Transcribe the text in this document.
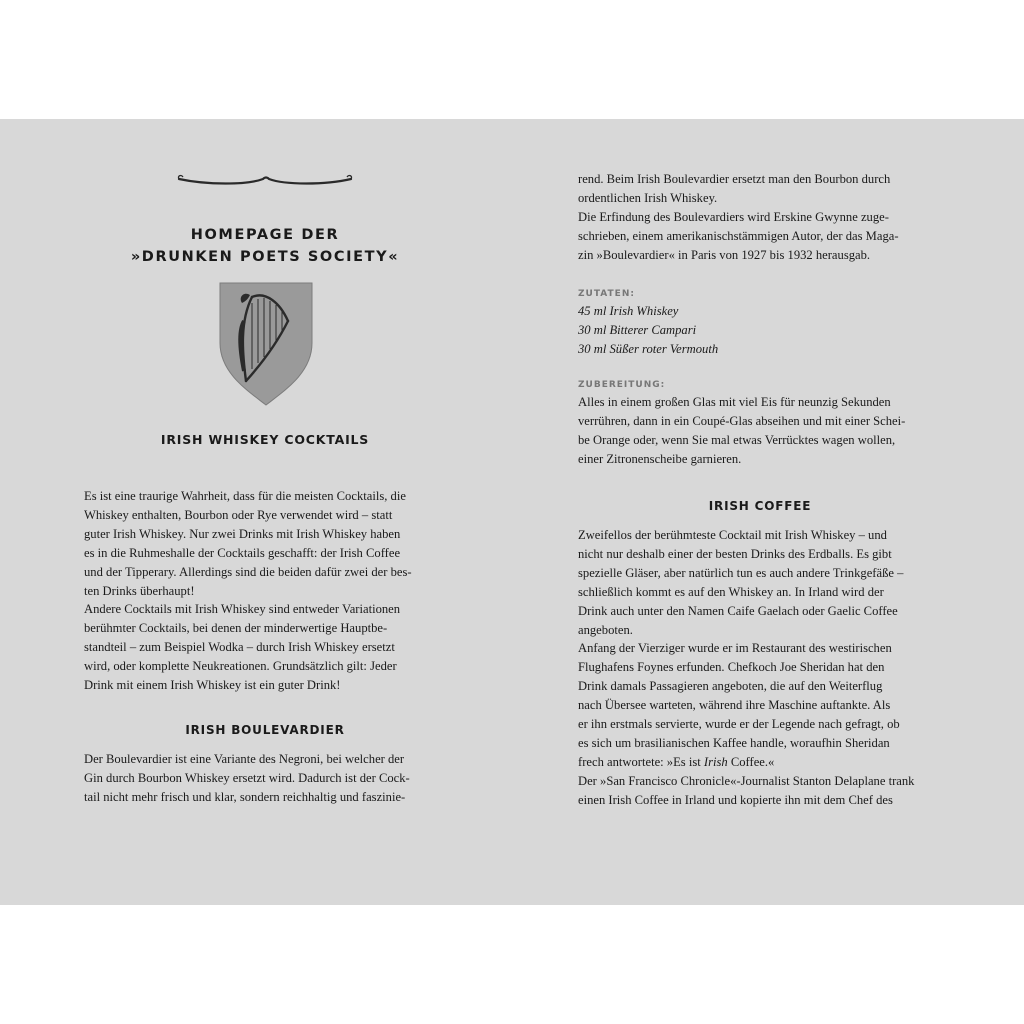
HOMEPAGE DER
»DRUNKEN POETS SOCIETY«
IRISH WHISKEY COCKTAILS

Es ist eine traurige Wahrheit, dass für die meisten Cocktails, die

Whiskey enthalten, Bourbon oder Rye verwendet wird – statt

guter Irish Whiskey. Nur zwei Drinks mit Irish Whiskey haben

es in die Ruhmeshalle der Cocktails geschafft: der Irish Coffee

und der Tipperary. Allerdings sind die beiden dafür zwei der bes-

ten Drinks überhaupt!

Andere Cocktails mit Irish Whiskey sind entweder Variationen

berühmter Cocktails, bei denen der minderwertige Hauptbe-

standteil – zum Beispiel Wodka – durch Irish Whiskey ersetzt

wird, oder komplette Neukreationen. Grundsätzlich gilt: Jeder

Drink mit einem Irish Whiskey ist ein guter Drink!

IRISH BOULEVARDIER

Der Boulevardier ist eine Variante des Negroni, bei welcher der

Gin durch Bourbon Whiskey ersetzt wird. Dadurch ist der Cock-

tail nicht mehr frisch und klar, sondern reichhaltig und faszinie-

rend. Beim Irish Boulevardier ersetzt man den Bourbon durch

ordentlichen Irish Whiskey.

Die Erfindung des Boulevardiers wird Erskine Gwynne zuge-

schrieben, einem amerikanischstämmigen Autor, der das Maga-

zin »Boulevardier« in Paris von 1927 bis 1932 herausgab.

ZUTATEN:

45 ml Irish Whiskey

30 ml Bitterer Campari

30 ml Süßer roter Vermouth

ZUBEREITUNG:

Alles in einem großen Glas mit viel Eis für neunzig Sekunden

verrühren, dann in ein Coupé-Glas abseihen und mit einer Schei-

be Orange oder, wenn Sie mal etwas Verrücktes wagen wollen,

einer Zitronenscheibe garnieren.

IRISH COFFEE

Zweifellos der berühmteste Cocktail mit Irish Whiskey – und

nicht nur deshalb einer der besten Drinks des Erdballs. Es gibt

spezielle Gläser, aber natürlich tun es auch andere Trinkgefäße –

schließlich kommt es auf den Whiskey an. In Irland wird der

Drink auch unter den Namen Caife Gaelach oder Gaelic Coffee

angeboten.

Anfang der Vierziger wurde er im Restaurant des westirischen

Flughafens Foynes erfunden. Chefkoch Joe Sheridan hat den

Drink damals Passagieren angeboten, die auf den Weiterflug

nach Übersee warteten, während ihre Maschine auftankte. Als

er ihn erstmals servierte, wurde er der Legende nach gefragt, ob

es sich um brasilianischen Kaffee handle, woraufhin Sheridan

frech antwortete: »Es ist Irish Coffee.«

Der »San Francisco Chronicle«-Journalist Stanton Delaplane trank

einen Irish Coffee in Irland und kopierte ihn mit dem Chef des
